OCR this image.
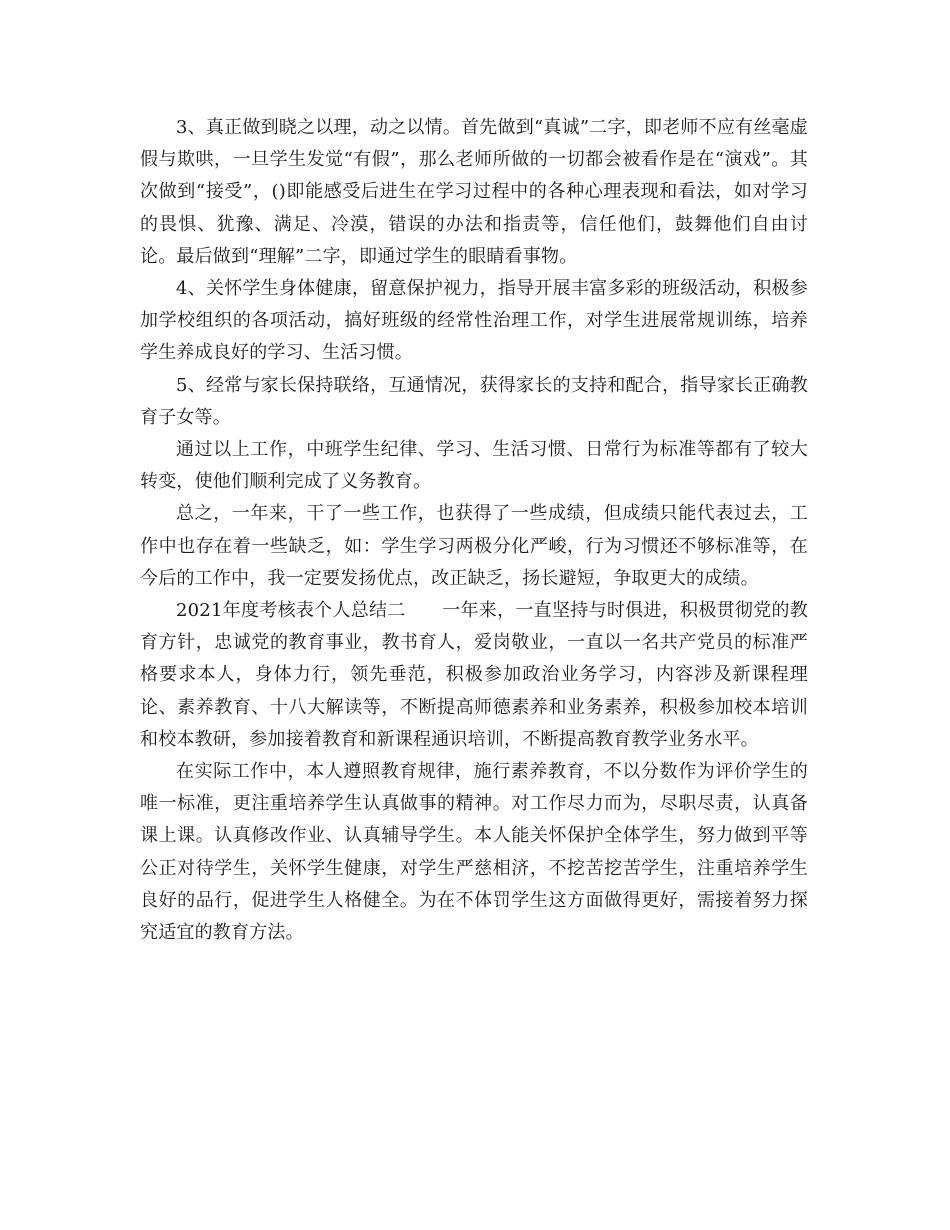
3、真正做到晓之以理，动之以情。首先做到“真诚”二字，即老师不应有丝毫虚假与欺哄，一旦学生发觉“有假”，那么老师所做的一切都会被看作是在“演戏”。其次做到“接受”，()即能感受后进生在学习过程中的各种心理表现和看法，如对学习的畏惧、犹豫、满足、冷漠，错误的办法和指责等，信任他们，鼓舞他们自由讨论。最后做到“理解”二字，即通过学生的眼睛看事物。

4、关怀学生身体健康，留意保护视力，指导开展丰富多彩的班级活动，积极参加学校组织的各项活动，搞好班级的经常性治理工作，对学生进展常规训练，培养学生养成良好的学习、生活习惯。

5、经常与家长保持联络，互通情况，获得家长的支持和配合，指导家长正确教育子女等。

通过以上工作，中班学生纪律、学习、生活习惯、日常行为标准等都有了较大转变，使他们顺利完成了义务教育。

总之，一年来，干了一些工作，也获得了一些成绩，但成绩只能代表过去，工作中也存在着一些缺乏，如：学生学习两极分化严峻，行为习惯还不够标准等，在今后的工作中，我一定要发扬优点，改正缺乏，扬长避短，争取更大的成绩。

2021年度考核表个人总结二　　一年来，一直坚持与时俱进，积极贯彻党的教育方针，忠诚党的教育事业，教书育人，爱岗敬业，一直以一名共产党员的标准严格要求本人，身体力行，领先垂范，积极参加政治业务学习，内容涉及新课程理论、素养教育、十八大解读等，不断提高师德素养和业务素养，积极参加校本培训和校本教研，参加接着教育和新课程通识培训，不断提高教育教学业务水平。

在实际工作中，本人遵照教育规律，施行素养教育，不以分数作为评价学生的唯一标准，更注重培养学生认真做事的精神。对工作尽力而为，尽职尽责，认真备课上课。认真修改作业、认真辅导学生。本人能关怀保护全体学生，努力做到平等公正对待学生，关怀学生健康，对学生严慈相济，不挖苦挖苦学生，注重培养学生良好的品行，促进学生人格健全。为在不体罚学生这方面做得更好，需接着努力探究适宜的教育方法。
